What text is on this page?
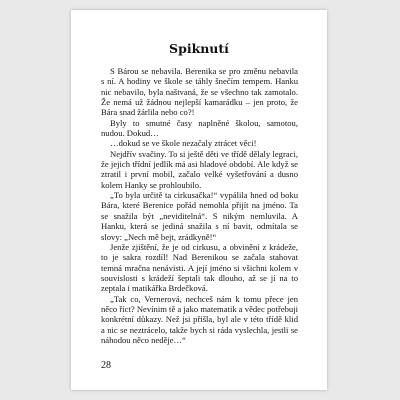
Spiknutí

S Bárou se nebavila. Berenika se pro změnu nebavila s ní. A hodiny ve škole se táhly šnečím tempem. Hanku nic nebavilo, byla naštvaná, že se všechno tak zamotalo. Že nemá už žádnou nejlepší kamarádku – jen proto, že Bára snad žárlila nebo co?!

Byly to smutné časy naplněné školou, samotou, nudou. Dokud…

…dokud se ve škole nezačaly ztrácet věci!

Nejdřív svačiny. To si ještě děti ve třídě dělaly legraci, že jejich třídní jedlík má asi hladové období. Ale když se ztratil i první mobil, začalo velké vyšetřování a dusno kolem Hanky se prohloubilo.

„To byla určitě ta cirkusačka!“ vypálila hned od boku Bára, které Berenice pořád nemohla přijít na jméno. Ta se snažila být „neviditelná“. S nikým nemluvila. A Hanku, která se jediná snažila s ní bavit, odmítala se slovy: „Nech mě bejt, zrádkyně!“

Jenže zjištění, že je od cirkusu, a obvinění z krádeže, to je sakra rozdíl! Nad Berenikou se začala stahovat temná mračna nenávisti. A její jméno si všichni kolem v souvislosti s krádeží šeptali tak dlouho, až se jí na to zeptala i matikářka Brdečková.

„Tak co, Vernerová, nechceš nám k tomu přece jen něco říct? Nevínim tě a jako matematik a vědec potřebuji konkrétní důkazy. Než jsi přišla, byl ale v této třídě klid a nic se neztrácelo, takže bych si ráda vyslechla, jestli se náhodou něco neděje…“

28
